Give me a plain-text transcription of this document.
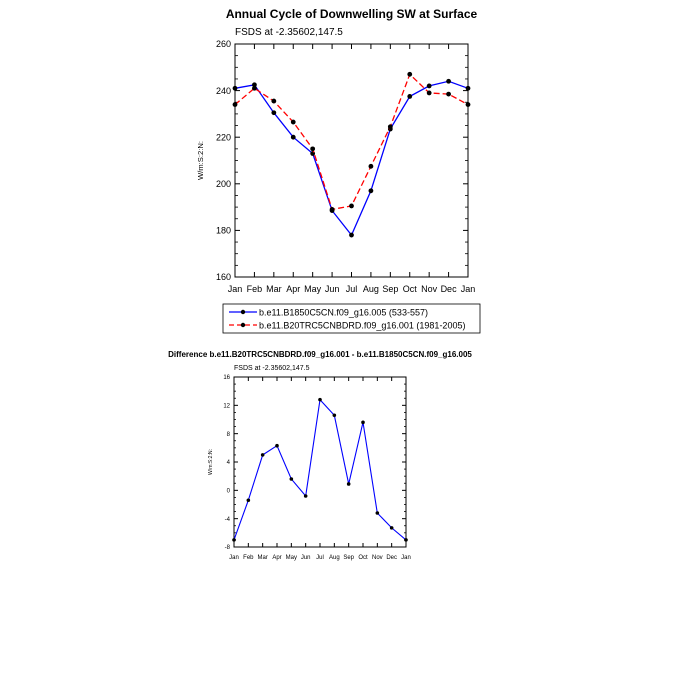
Annual Cycle of Downwelling SW at Surface
FSDS at -2.35602,147.5
160
180
200
220
240
260
Jan Feb Mar Apr May Jun Jul Aug Sep Oct Nov Dec Jan
W/m:S:2:N:
b.e11.B1850C5CN.f09_g16.005 (533-557)
b.e11.B20TRC5CNBDRD.f09_g16.001 (1981-2005)
Difference b.e11.B20TRC5CNBDRD.f09_g16.001 - b.e11.B1850C5CN.f09_g16.005
FSDS at -2.35602,147.5
-8
-4
0
4
8
12
16
Jan Feb Mar Apr May Jun Jul Aug Sep Oct Nov Dec Jan
W/m:S:2:N:
